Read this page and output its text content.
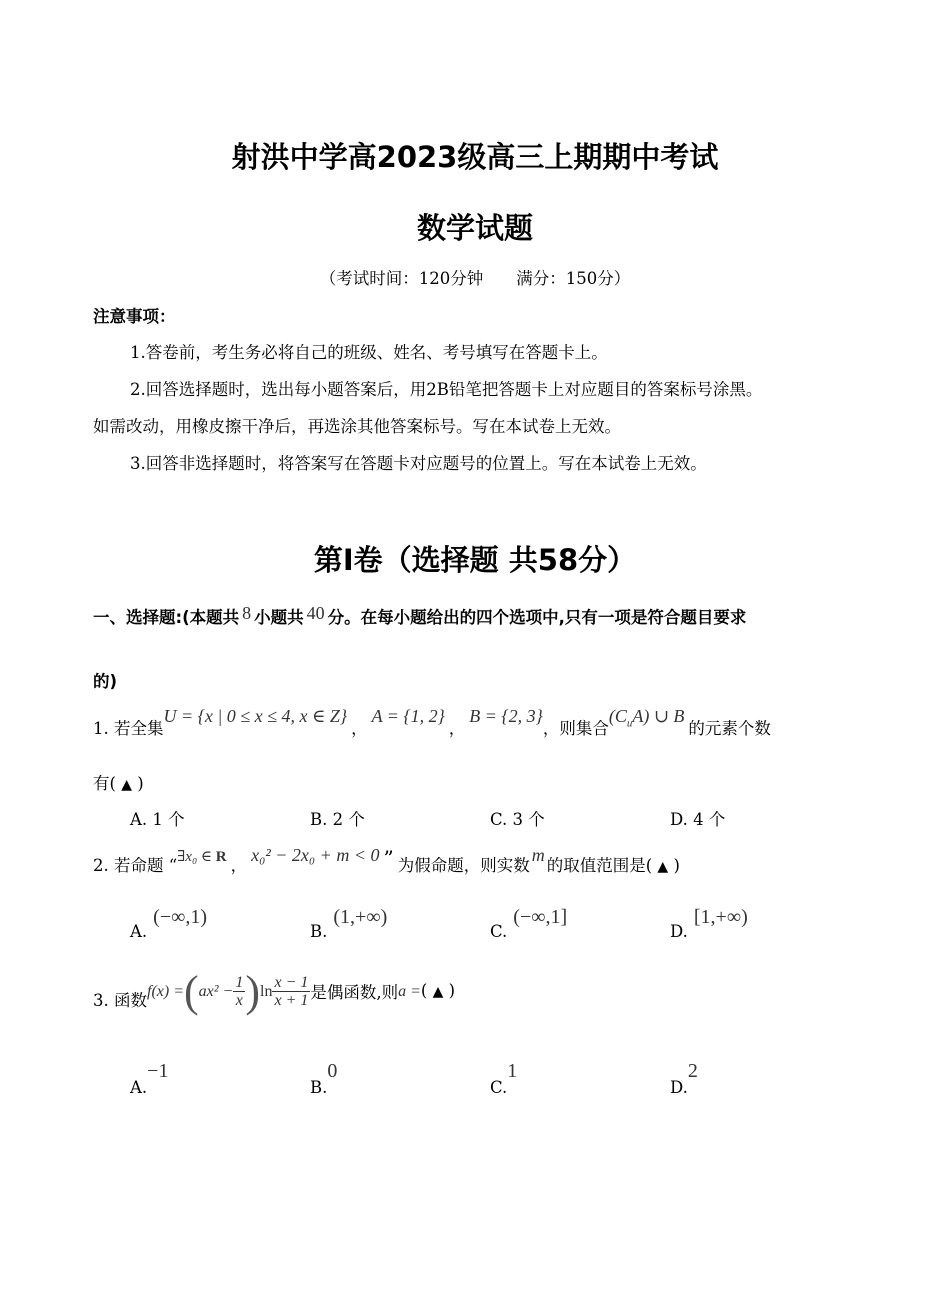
射洪中学高2023级高三上期期中考试
数学试题
（考试时间：120分钟　　满分：150分）
注意事项：
1.答卷前，考生务必将自己的班级、姓名、考号填写在答题卡上。
2.回答选择题时，选出每小题答案后，用2B铅笔把答题卡上对应题目的答案标号涂黑。
如需改动，用橡皮擦干净后，再选涂其他答案标号。写在本试卷上无效。
3.回答非选择题时，将答案写在答题卡对应题号的位置上。写在本试卷上无效。
第Ⅰ卷（选择题 共58分）
一、选择题:(本题共 8 小题共 40 分。在每小题给出的四个选项中,只有一项是符合题目要求
的)
1. 若全集U = {x | 0 ≤ x ≤ 4, x ∈ Z}，A = {1, 2}，B = {2, 3}，则集合$(C_uA)$ ∪ B的元素个数
有( ▲ )
A. 1 个	B. 2 个	C. 3 个	D. 4 个
2. 若命题 “∃x₀ ∈ R ，x₀² − 2x₀ + m < 0 ” 为假命题，则实数m的取值范围是( $_▲$ )
A.(−∞,1)
B.(1,+∞)
C.(−∞,1]
D.[1,+∞)
3. 函数$f(x) =(ax^2 - \frac{1}{x} )\ln \frac{x - 1}{x + 1}$ 是偶函数,则a =( ▲ )
A.−1
B.0
C.1
D.2
